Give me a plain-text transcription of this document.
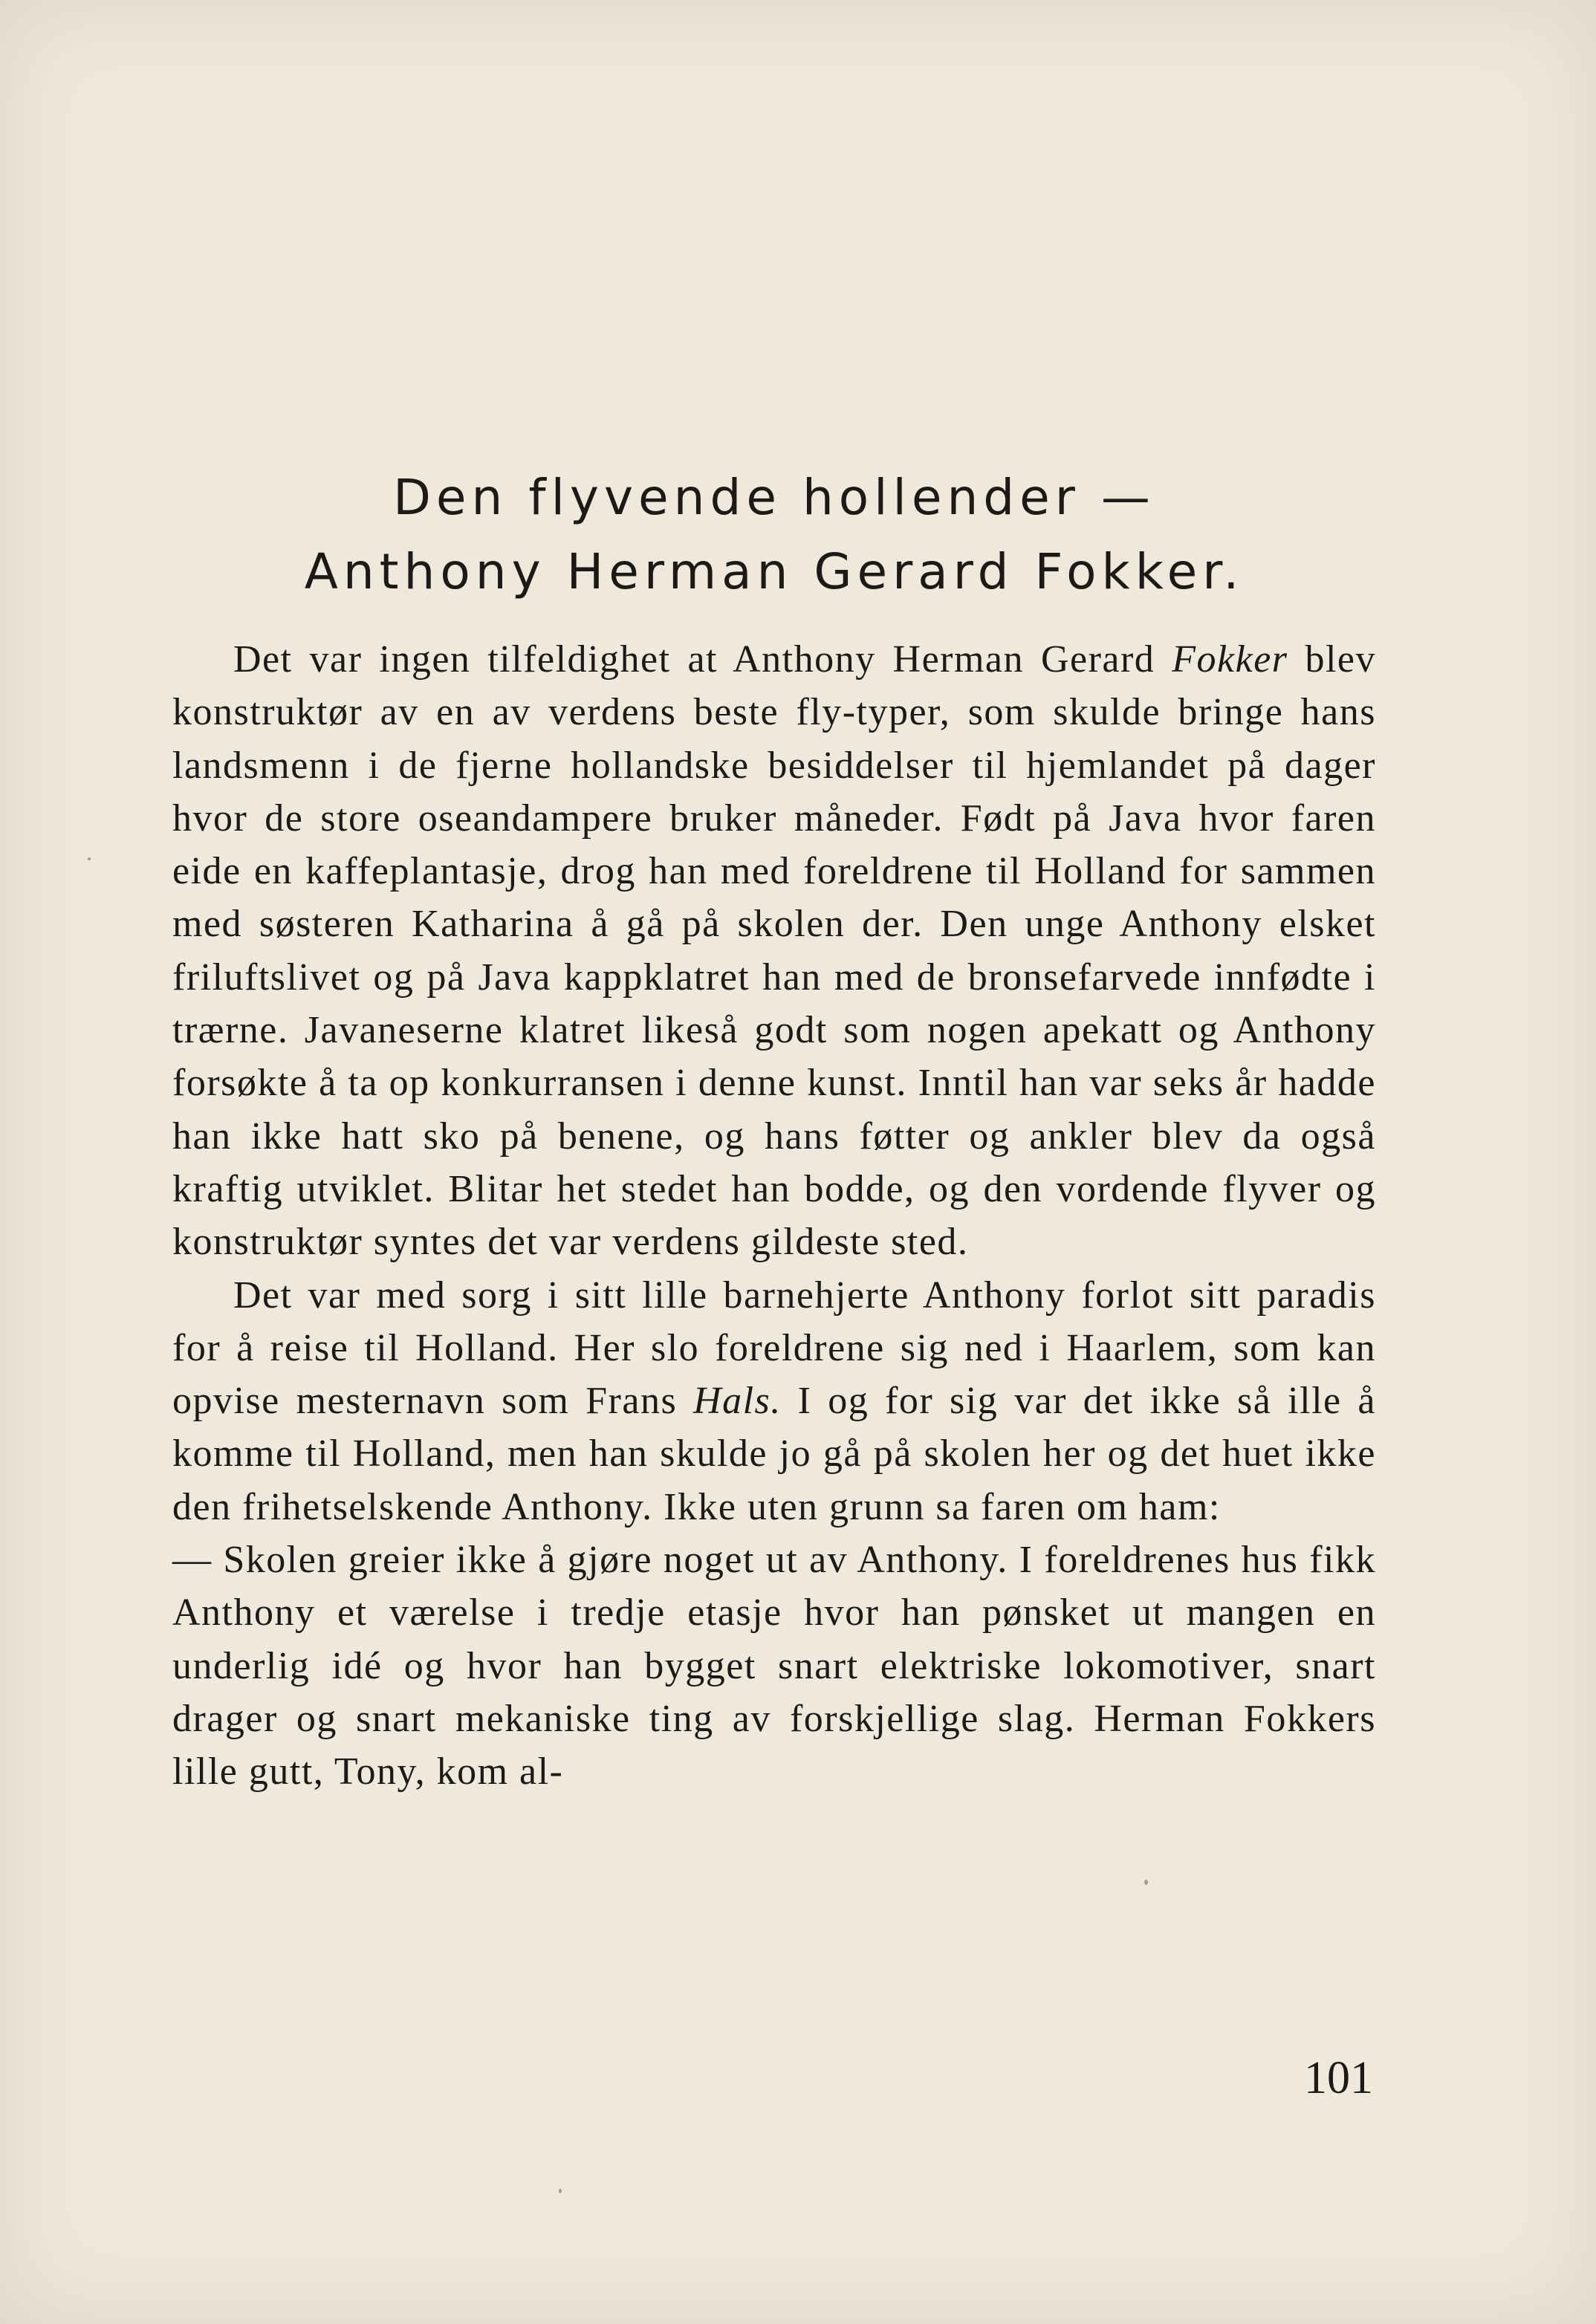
Den flyvende hollender —
Anthony Herman Gerard Fokker.

Det var ingen tilfeldighet at Anthony Herman Gerard Fokker blev konstruktør av en av verdens beste fly-typer, som skulde bringe hans landsmenn i de fjerne hollandske besiddelser til hjemlandet på dager hvor de store oseandampere bruker måneder. Født på Java hvor faren eide en kaffeplantasje, drog han med foreldrene til Holland for sammen med søsteren Katharina å gå på skolen der. Den unge Anthony elsket friluftslivet og på Java kappklatret han med de bronsefarvede innfødte i trærne. Javaneserne klatret likeså godt som nogen apekatt og Anthony forsøkte å ta op konkurransen i denne kunst. Inntil han var seks år hadde han ikke hatt sko på benene, og hans føtter og ankler blev da også kraftig utviklet. Blitar het stedet han bodde, og den vordende flyver og konstruktør syntes det var verdens gildeste sted.

Det var med sorg i sitt lille barnehjerte Anthony forlot sitt paradis for å reise til Holland. Her slo foreldrene sig ned i Haarlem, som kan opvise mesternavn som Frans Hals. I og for sig var det ikke så ille å komme til Holland, men han skulde jo gå på skolen her og det huet ikke den frihetselskende Anthony. Ikke uten grunn sa faren om ham:

— Skolen greier ikke å gjøre noget ut av Anthony. I foreldrenes hus fikk Anthony et værelse i tredje etasje hvor han pønsket ut mangen en underlig idé og hvor han bygget snart elektriske lokomotiver, snart drager og snart mekaniske ting av forskjellige slag. Herman Fokkers lille gutt, Tony, kom al-

101
